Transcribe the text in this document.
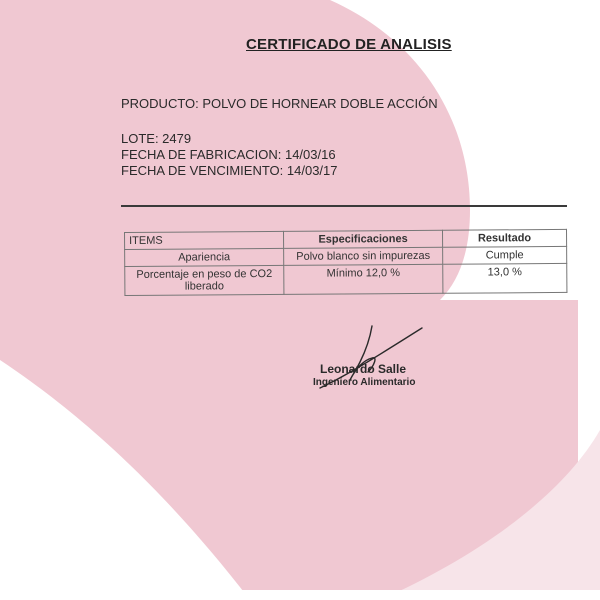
CERTIFICADO DE ANALISIS
PRODUCTO: POLVO DE HORNEAR DOBLE ACCIÓN
LOTE: 2479
FECHA DE FABRICACION: 14/03/16
FECHA DE VENCIMIENTO: 14/03/17
ITEMS	Especificaciones	Resultado
Apariencia	Polvo blanco sin impurezas	Cumple
Porcentaje en peso de CO2 liberado	Mínimo 12,0 %	13,0 %
Leonardo Salle
Ingeniero Alimentario
